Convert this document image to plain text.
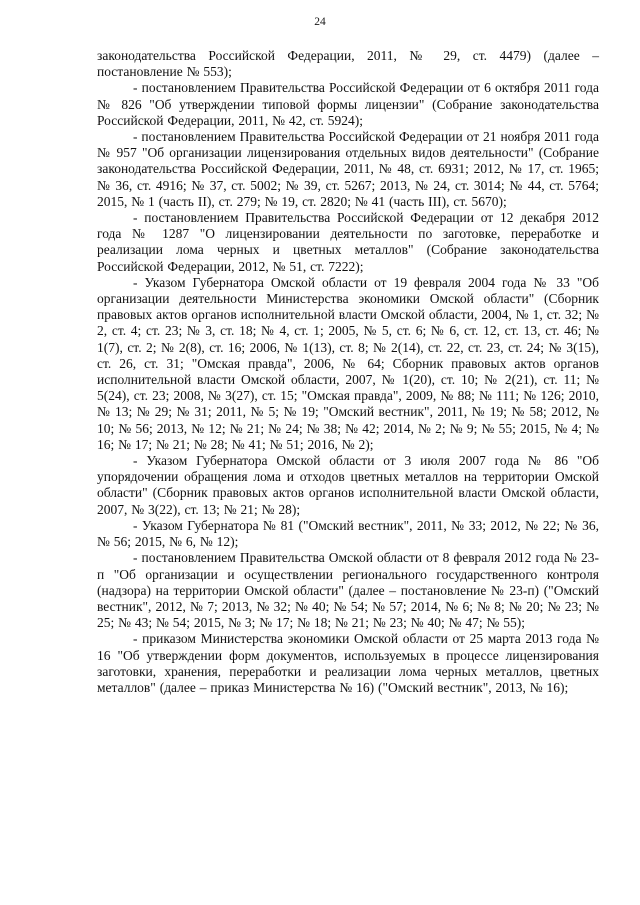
24

законодательства Российской Федерации, 2011, № 29, ст. 4479) (далее – постановление № 553);

- постановлением Правительства Российской Федерации от 6 октября 2011 года № 826 "Об утверждении типовой формы лицензии" (Собрание законодательства Российской Федерации, 2011, № 42, ст. 5924);

- постановлением Правительства Российской Федерации от 21 ноября 2011 года № 957 "Об организации лицензирования отдельных видов деятельности" (Собрание законодательства Российской Федерации, 2011, № 48, ст. 6931; 2012, № 17, ст. 1965; № 36, ст. 4916; № 37, ст. 5002; № 39, ст. 5267; 2013, № 24, ст. 3014; № 44, ст. 5764; 2015, № 1 (часть II), ст. 279; № 19, ст. 2820; № 41 (часть III), ст. 5670);

- постановлением Правительства Российской Федерации от 12 декабря 2012 года № 1287 "О лицензировании деятельности по заготовке, переработке и реализации лома черных и цветных металлов" (Собрание законодательства Российской Федерации, 2012, № 51, ст. 7222);

- Указом Губернатора Омской области от 19 февраля 2004 года № 33 "Об организации деятельности Министерства экономики Омской области" (Сборник правовых актов органов исполнительной власти Омской области, 2004, № 1, ст. 32; № 2, ст. 4; ст. 23; № 3, ст. 18; № 4, ст. 1; 2005, № 5, ст. 6; № 6, ст. 12, ст. 13, ст. 46; № 1(7), ст. 2; № 2(8), ст. 16; 2006, № 1(13), ст. 8; № 2(14), ст. 22, ст. 23, ст. 24; № 3(15), ст. 26, ст. 31; "Омская правда", 2006, № 64; Сборник правовых актов органов исполнительной власти Омской области, 2007, № 1(20), ст. 10; № 2(21), ст. 11; № 5(24), ст. 23; 2008, № 3(27), ст. 15; "Омская правда", 2009, № 88; № 111; № 126; 2010, № 13; № 29; № 31; 2011, № 5; № 19; "Омский вестник", 2011, № 19; № 58; 2012, № 10; № 56; 2013, № 12; № 21; № 24; № 38; № 42; 2014, № 2; № 9; № 55; 2015, № 4; № 16; № 17; № 21; № 28; № 41; № 51; 2016, № 2);

- Указом Губернатора Омской области от 3 июля 2007 года № 86 "Об упорядочении обращения лома и отходов цветных металлов на территории Омской области" (Сборник правовых актов органов исполнительной власти Омской области, 2007, № 3(22), ст. 13; № 21; № 28);

- Указом Губернатора № 81 ("Омский вестник", 2011, № 33; 2012, № 22; № 36, № 56; 2015, № 6, № 12);

- постановлением Правительства Омской области от 8 февраля 2012 года № 23-п "Об организации и осуществлении регионального государственного контроля (надзора) на территории Омской области" (далее – постановление № 23-п) ("Омский вестник", 2012, № 7; 2013, № 32; № 40; № 54; № 57; 2014, № 6; № 8; № 20; № 23; № 25; № 43; № 54; 2015, № 3; № 17; № 18; № 21; № 23; № 40; № 47; № 55);

- приказом Министерства экономики Омской области от 25 марта 2013 года № 16 "Об утверждении форм документов, используемых в процессе лицензирования заготовки, хранения, переработки и реализации лома черных металлов, цветных металлов" (далее – приказ Министерства № 16) ("Омский вестник", 2013, № 16);
